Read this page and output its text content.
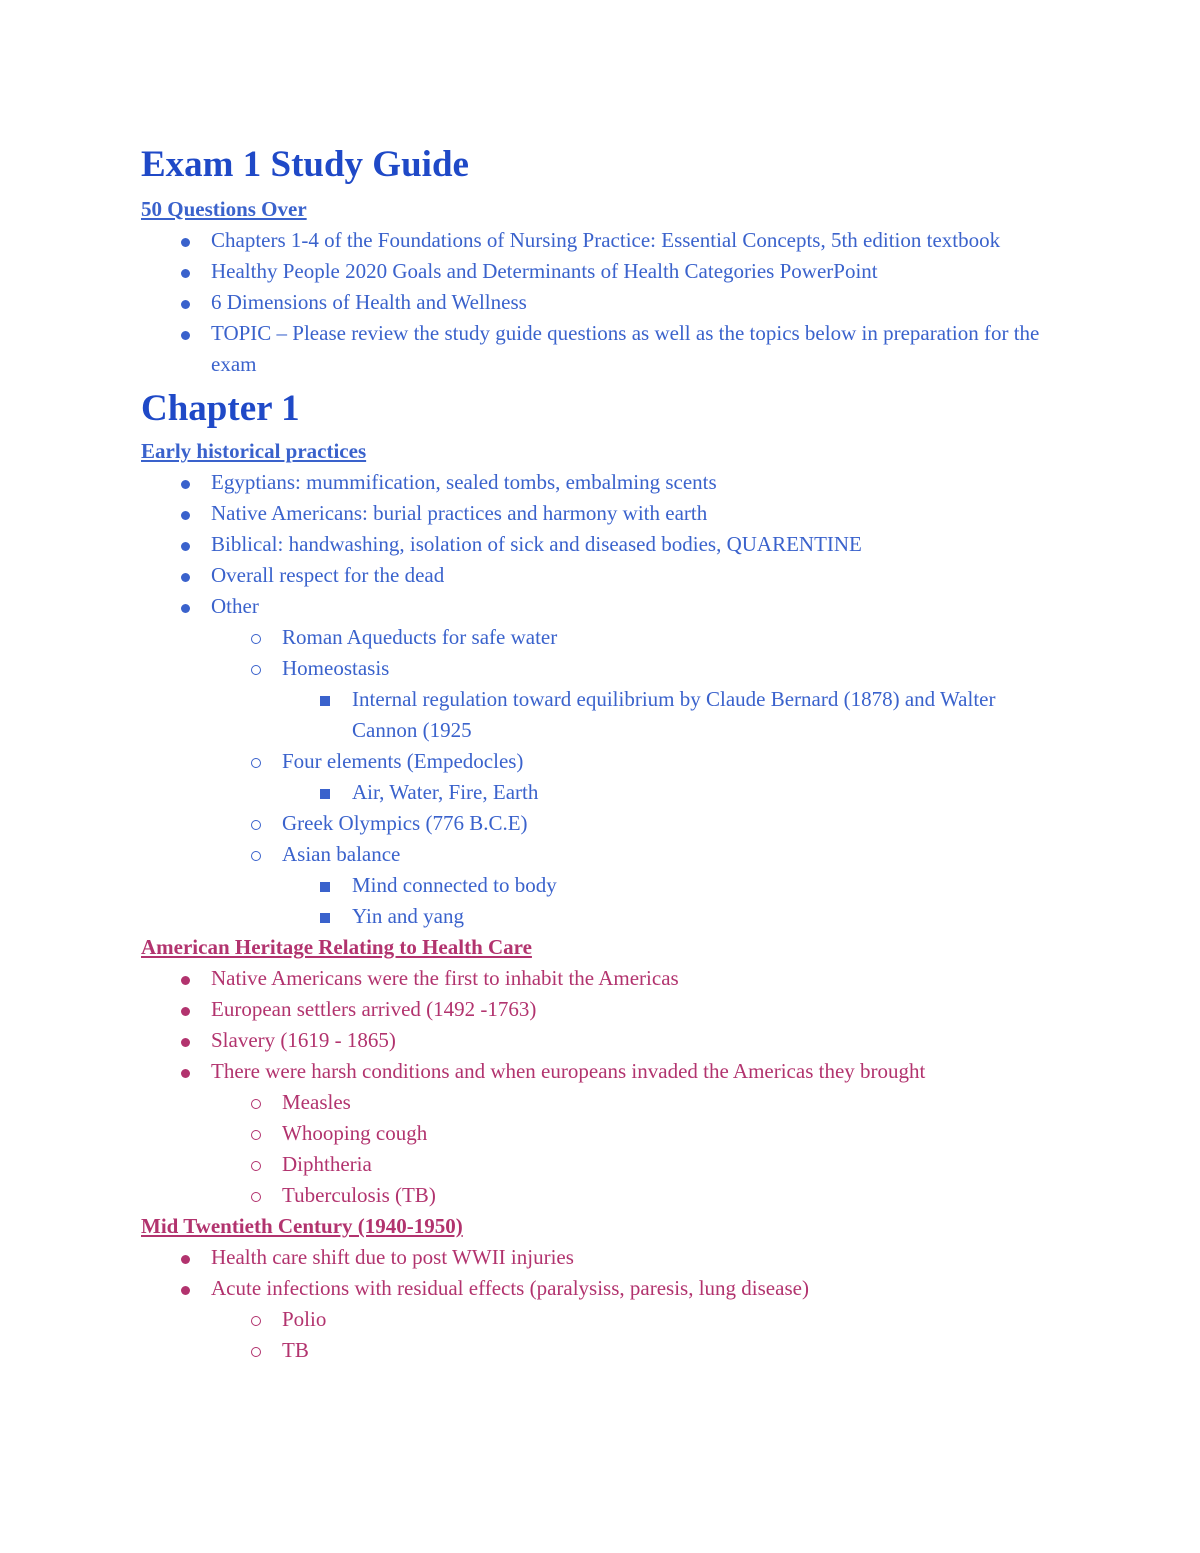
Exam 1 Study Guide

50 Questions Over

Chapters 1-4 of the Foundations of Nursing Practice: Essential Concepts, 5th edition textbook
Healthy People 2020 Goals and Determinants of Health Categories PowerPoint
6 Dimensions of Health and Wellness
TOPIC – Please review the study guide questions as well as the topics below in preparation for the exam
Chapter 1

Early historical practices

Egyptians: mummification, sealed tombs, embalming scents
Native Americans: burial practices and harmony with earth
Biblical: handwashing, isolation of sick and diseased bodies, QUARENTINE
Overall respect for the dead
Other
Roman Aqueducts for safe water
Homeostasis
Internal regulation toward equilibrium by Claude Bernard (1878) and Walter Cannon (1925
Four elements (Empedocles)
Air, Water, Fire, Earth
Greek Olympics (776 B.C.E)
Asian balance
Mind connected to body
Yin and yang

American Heritage Relating to Health Care

Native Americans were the first to inhabit the Americas
European settlers arrived (1492 -1763)
Slavery (1619 - 1865)
There were harsh conditions and when europeans invaded the Americas they brought
Measles
Whooping cough
Diphtheria
Tuberculosis (TB)

Mid Twentieth Century (1940-1950)

Health care shift due to post WWII injuries
Acute infections with residual effects (paralysiss, paresis, lung disease)
Polio
TB
